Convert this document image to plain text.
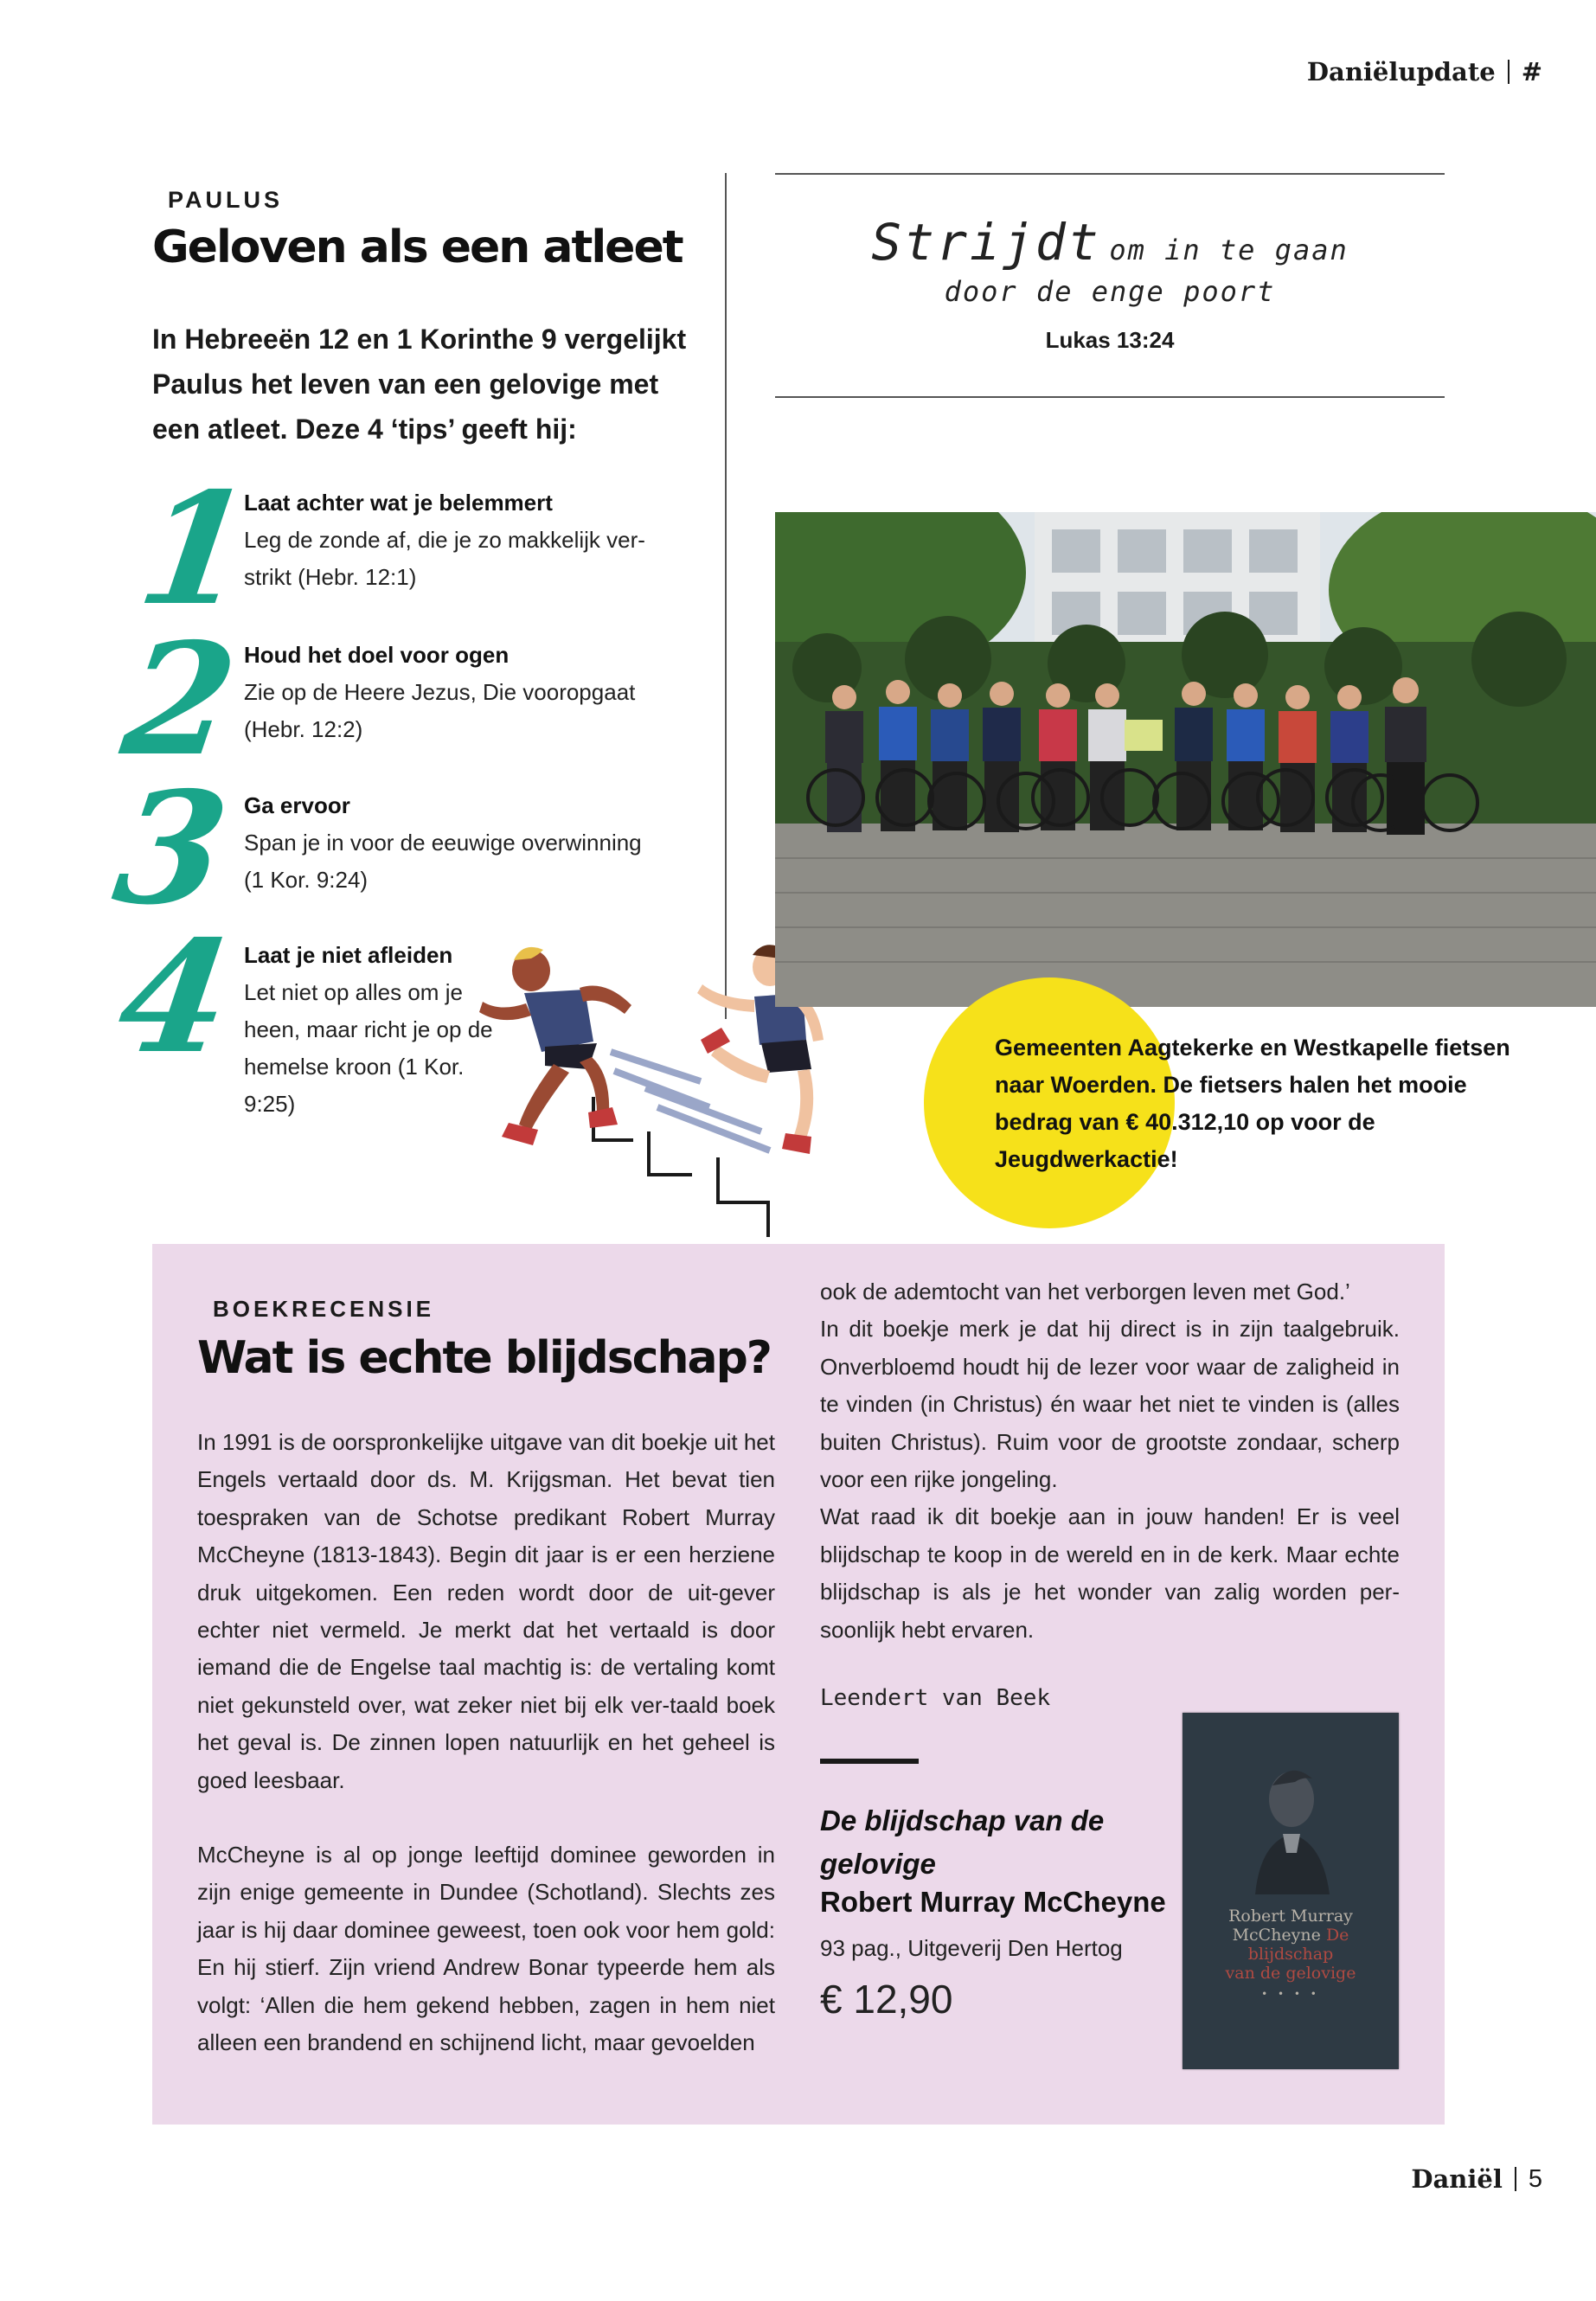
Daniëlupdate #
PAULUS
Geloven als een atleet
In Hebreeën 12 en 1 Korinthe 9 vergelijkt Paulus het leven van een gelovige met een atleet. Deze 4 ‘tips’ geeft hij:
1
Laat achter wat je belemmert
Leg de zonde af, die je zo makkelijk ver-strikt (Hebr. 12:1)
2
Houd het doel voor ogen
Zie op de Heere Jezus, Die vooropgaat (Hebr. 12:2)
3 Ga ervoor
Span je in voor de eeuwige overwinning (1 Kor. 9:24)
4 Laat je niet afleiden
Let niet op alles om je heen, maar richt je op de hemelse kroon (1 Kor. 9:25)
Strijdt om in te gaan
door de enge poort
Lukas 13:24
Gemeenten Aagtekerke en Westkapelle fietsen naar Woerden. De fietsers halen het mooie bedrag van € 40.312,10 op voor de Jeugdwerkactie!
BOEKRECENSIE
Wat is echte blijdschap?

In 1991 is de oorspronkelijke uitgave van dit boekje uit het Engels vertaald door ds. M. Krijgsman. Het bevat tien toespraken van de Schotse predikant Robert Murray McCheyne (1813-1843). Begin dit jaar is er een herziene druk uitgekomen. Een reden wordt door de uit-gever echter niet vermeld. Je merkt dat het vertaald is door iemand die de Engelse taal machtig is: de vertaling komt niet gekunsteld over, wat zeker niet bij elk ver-taald boek het geval is. De zinnen lopen natuurlijk en het geheel is goed leesbaar.

McCheyne is al op jonge leeftijd dominee geworden in zijn enige gemeente in Dundee (Schotland). Slechts zes jaar is hij daar dominee geweest, toen ook voor hem gold: En hij stierf. Zijn vriend Andrew Bonar typeerde hem als volgt: ‘Allen die hem gekend hebben, zagen in hem niet alleen een brandend en schijnend licht, maar gevoelden

ook de ademtocht van het verborgen leven met God.’

In dit boekje merk je dat hij direct is in zijn taalgebruik. Onverbloemd houdt hij de lezer voor waar de zaligheid in te vinden (in Christus) én waar het niet te vinden is (alles buiten Christus). Ruim voor de grootste zondaar, scherp voor een rijke jongeling.

Wat raad ik dit boekje aan in jouw handen! Er is veel blijdschap te koop in de wereld en in de kerk. Maar echte blijdschap is als je het wonder van zalig worden per-soonlijk hebt ervaren.

Leendert van Beek
De blijdschap van de gelovige
Robert Murray McCheyne
93 pag., Uitgeverij Den Hertog
€ 12,90
Robert Murray McCheyne De
blijdschap
van de gelovige
• • • •
Daniël 5
